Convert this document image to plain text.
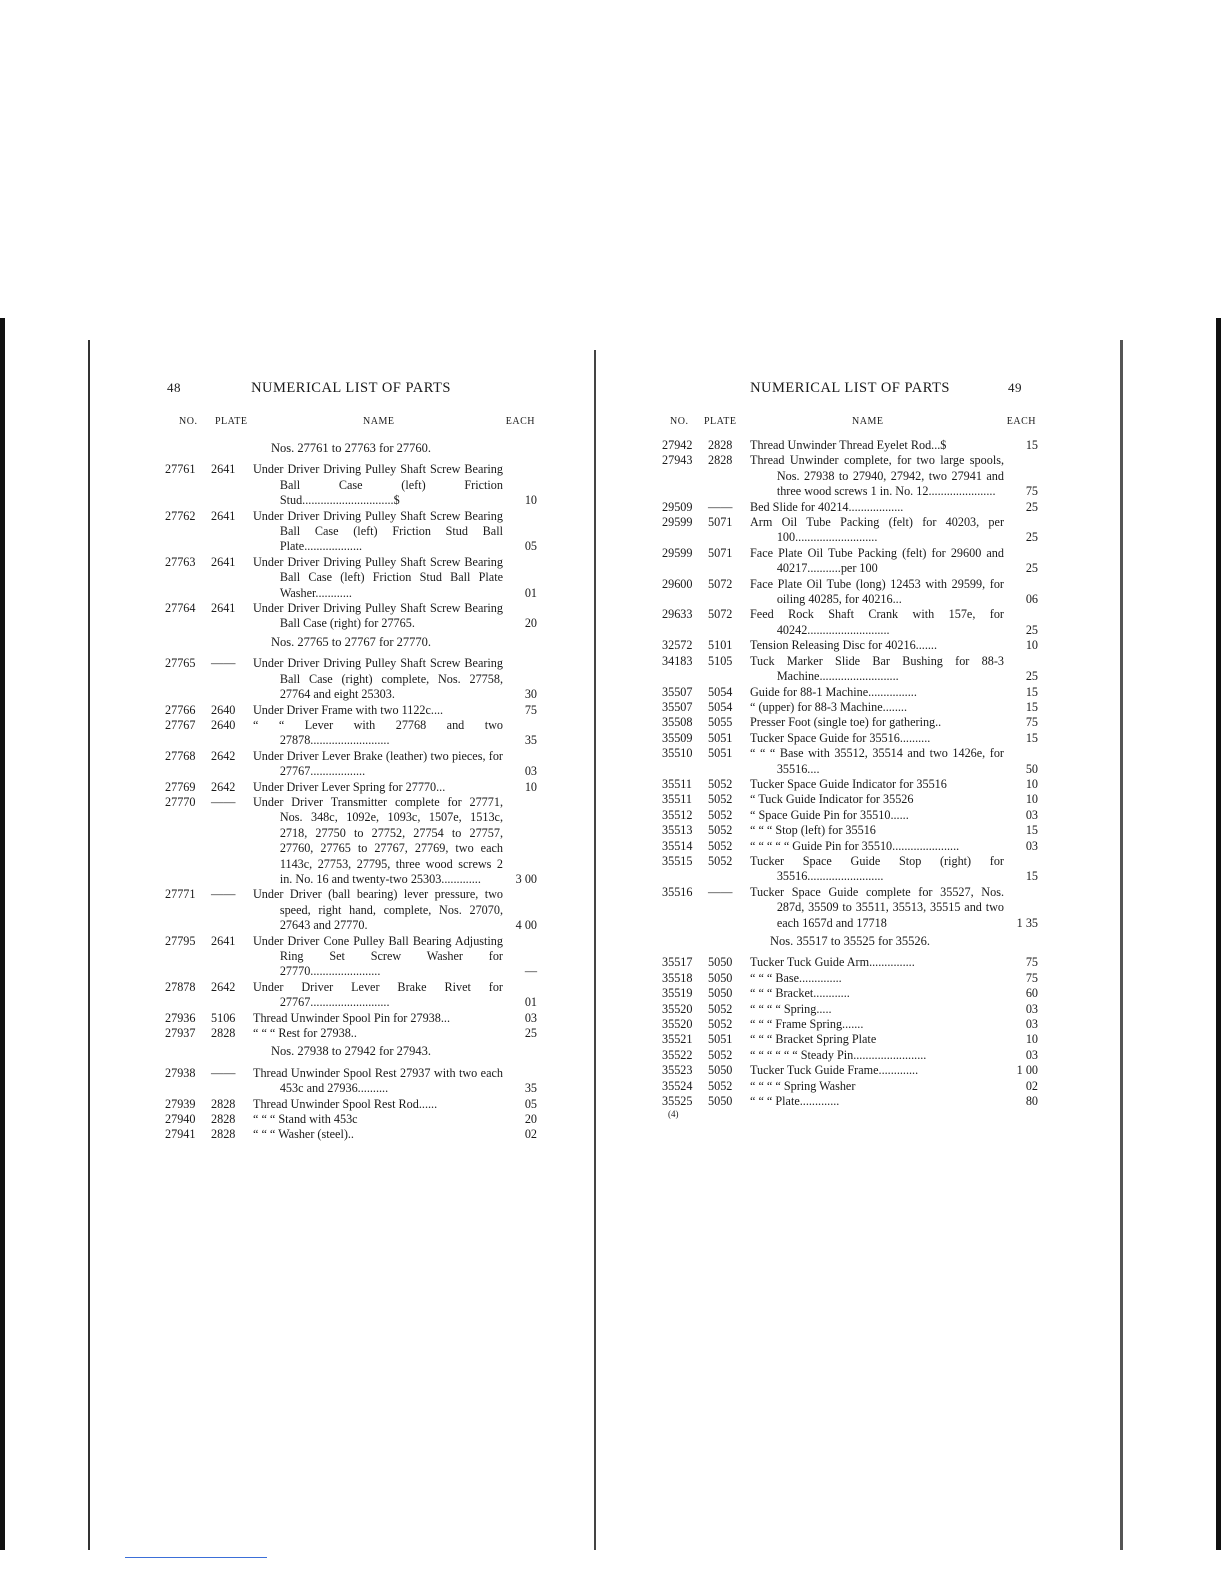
48	NUMERICAL LIST OF PARTS
NO. PLATE	NAME	EACH
Nos. 27761 to 27763 for 27760.
27761	2641	Under Driver Driving Pulley Shaft Screw Bearing Ball Case (left) Friction Stud..............................$	10
27762	2641	Under Driver Driving Pulley Shaft Screw Bearing Ball Case (left) Friction Stud Ball Plate...................	05
27763	2641	Under Driver Driving Pulley Shaft Screw Bearing Ball Case (left) Friction Stud Ball Plate Washer............	01
27764	2641	Under Driver Driving Pulley Shaft Screw Bearing Ball Case (right) for 27765.	20
Nos. 27765 to 27767 for 27770.
27765	——	Under Driver Driving Pulley Shaft Screw Bearing Ball Case (right) complete, Nos. 27758, 27764 and eight 25303.	30
27766	2640	Under Driver Frame with two 1122c....	75
27767	2640	“ “ Lever with 27768 and two 27878..........................	35
27768	2642	Under Driver Lever Brake (leather) two pieces, for 27767..................	03
27769	2642	Under Driver Lever Spring for 27770...	10
27770	——	Under Driver Transmitter complete for 27771, Nos. 348c, 1092e, 1093c, 1507e, 1513c, 2718, 27750 to 27752, 27754 to 27757, 27760, 27765 to 27767, 27769, two each 1143c, 27753, 27795, three wood screws 2 in. No. 16 and twenty-two 25303.............	3 00
27771	——	Under Driver (ball bearing) lever pressure, two speed, right hand, complete, Nos. 27070, 27643 and 27770.	4 00
27795	2641	Under Driver Cone Pulley Ball Bearing Adjusting Ring Set Screw Washer for 27770.......................	—
27878	2642	Under Driver Lever Brake Rivet for 27767..........................	01
27936	5106	Thread Unwinder Spool Pin for 27938...	03
27937	2828	“ “ “ Rest for 27938..	25
Nos. 27938 to 27942 for 27943.
27938	——	Thread Unwinder Spool Rest 27937 with two each 453c and 27936..........	35
27939	2828	Thread Unwinder Spool Rest Rod......	05
27940	2828	“ “ “ Stand with 453c	20
27941	2828	“ “ “ Washer (steel)..	02
NUMERICAL LIST OF PARTS	49
NO. PLATE	NAME	EACH
27942	2828	Thread Unwinder Thread Eyelet Rod...$	15
27943	2828	Thread Unwinder complete, for two large spools, Nos. 27938 to 27940, 27942, two 27941 and three wood screws 1 in. No. 12......................	75
29509	——	Bed Slide for 40214..................	25
29599	5071	Arm Oil Tube Packing (felt) for 40203, per 100...........................	25
29599	5071	Face Plate Oil Tube Packing (felt) for 29600 and 40217...........per 100	25
29600	5072	Face Plate Oil Tube (long) 12453 with 29599, for oiling 40285, for 40216...	06
29633	5072	Feed Rock Shaft Crank with 157e, for 40242...........................	25
32572	5101	Tension Releasing Disc for 40216.......	10
34183	5105	Tuck Marker Slide Bar Bushing for 88-3 Machine..........................	25
35507	5054	Guide for 88-1 Machine................	15
35507	5054	“ (upper) for 88-3 Machine........	15
35508	5055	Presser Foot (single toe) for gathering..	75
35509	5051	Tucker Space Guide for 35516..........	15
35510	5051	“ “ “ Base with 35512, 35514 and two 1426e, for 35516....	50
35511	5052	Tucker Space Guide Indicator for 35516	10
35511	5052	“ Tuck Guide Indicator for 35526	10
35512	5052	“ Space Guide Pin for 35510......	03
35513	5052	“ “ “ Stop (left) for 35516	15
35514	5052	“ “ “ “ “ Guide Pin for 35510......................	03
35515	5052	Tucker Space Guide Stop (right) for 35516.........................	15
35516	——	Tucker Space Guide complete for 35527, Nos. 287d, 35509 to 35511, 35513, 35515 and two each 1657d and 17718	1 35
Nos. 35517 to 35525 for 35526.
35517	5050	Tucker Tuck Guide Arm...............	75
35518	5050	“ “ “ Base..............	75
35519	5050	“ “ “ Bracket............	60
35520	5052	“ “ “ “ Spring.....	03
35520	5052	“ “ “ Frame Spring.......	03
35521	5051	“ “ “ Bracket Spring Plate	10
35522	5052	“ “ “ “ “ “ Steady Pin........................	03
35523	5050	Tucker Tuck Guide Frame.............	1 00
35524	5052	“ “ “ “ Spring Washer	02
35525	5050	“ “ “ Plate.............	80
(4)
